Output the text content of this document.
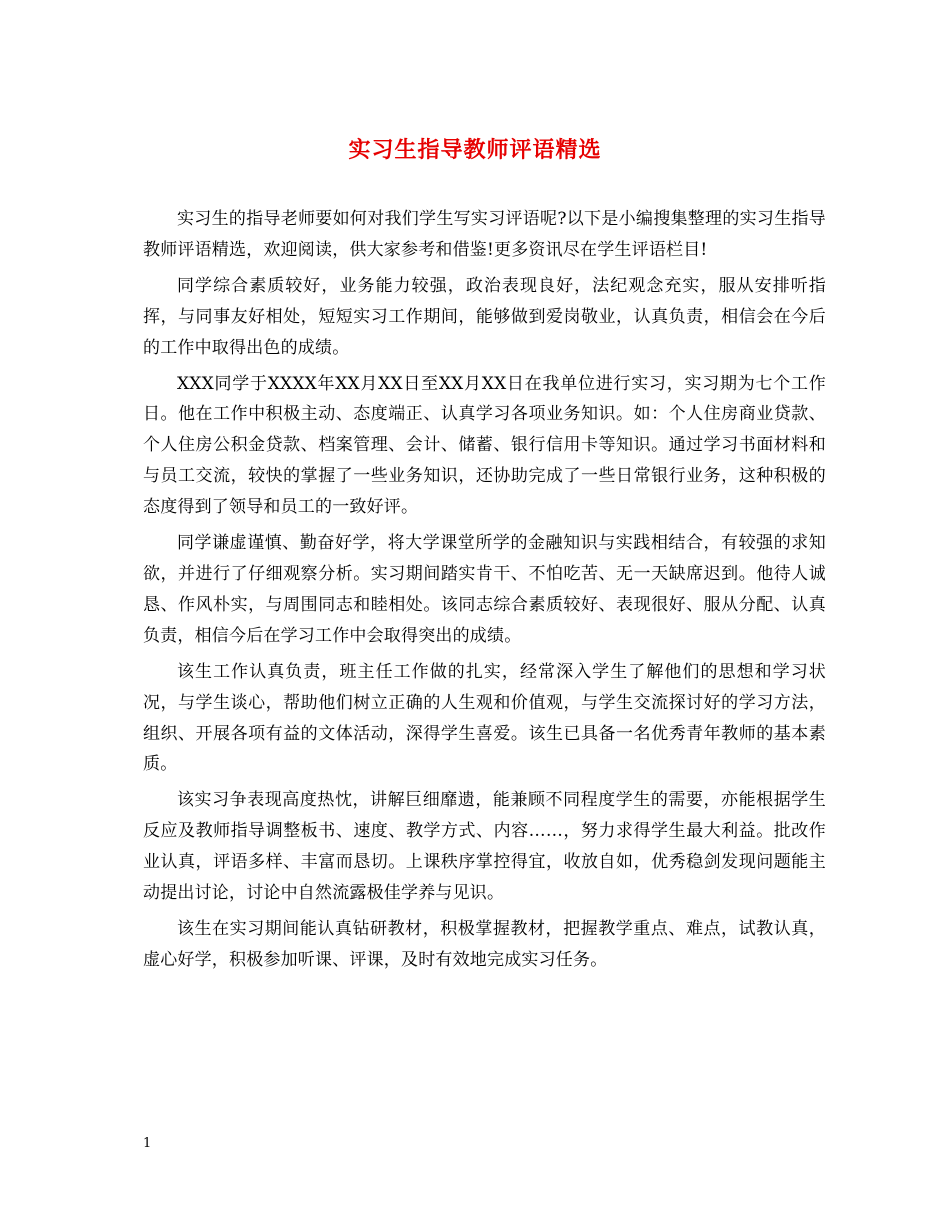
实习生指导教师评语精选

实习生的指导老师要如何对我们学生写实习评语呢?以下是小编搜集整理的实习生指导教师评语精选，欢迎阅读，供大家参考和借鉴!更多资讯尽在学生评语栏目!

同学综合素质较好，业务能力较强，政治表现良好，法纪观念充实，服从安排听指挥，与同事友好相处，短短实习工作期间，能够做到爱岗敬业，认真负责，相信会在今后的工作中取得出色的成绩。

XXX同学于XXXX年XX月XX日至XX月XX日在我单位进行实习，实习期为七个工作日。他在工作中积极主动、态度端正、认真学习各项业务知识。如：个人住房商业贷款、个人住房公积金贷款、档案管理、会计、储蓄、银行信用卡等知识。通过学习书面材料和与员工交流，较快的掌握了一些业务知识，还协助完成了一些日常银行业务，这种积极的态度得到了领导和员工的一致好评。

同学谦虚谨慎、勤奋好学，将大学课堂所学的金融知识与实践相结合，有较强的求知欲，并进行了仔细观察分析。实习期间踏实肯干、不怕吃苦、无一天缺席迟到。他待人诚恳、作风朴实，与周围同志和睦相处。该同志综合素质较好、表现很好、服从分配、认真负责，相信今后在学习工作中会取得突出的成绩。

该生工作认真负责，班主任工作做的扎实，经常深入学生了解他们的思想和学习状况，与学生谈心，帮助他们树立正确的人生观和价值观，与学生交流探讨好的学习方法，组织、开展各项有益的文体活动，深得学生喜爱。该生已具备一名优秀青年教师的基本素质。

该实习争表现高度热忱，讲解巨细靡遗，能兼顾不同程度学生的需要，亦能根据学生反应及教师指导调整板书、速度、教学方式、内容……，努力求得学生最大利益。批改作业认真，评语多样、丰富而恳切。上课秩序掌控得宜，收放自如，优秀稳剑发现问题能主动提出讨论，讨论中自然流露极佳学养与见识。

该生在实习期间能认真钻研教材，积极掌握教材，把握教学重点、难点，试教认真，虚心好学，积极参加听课、评课，及时有效地完成实习任务。

1
